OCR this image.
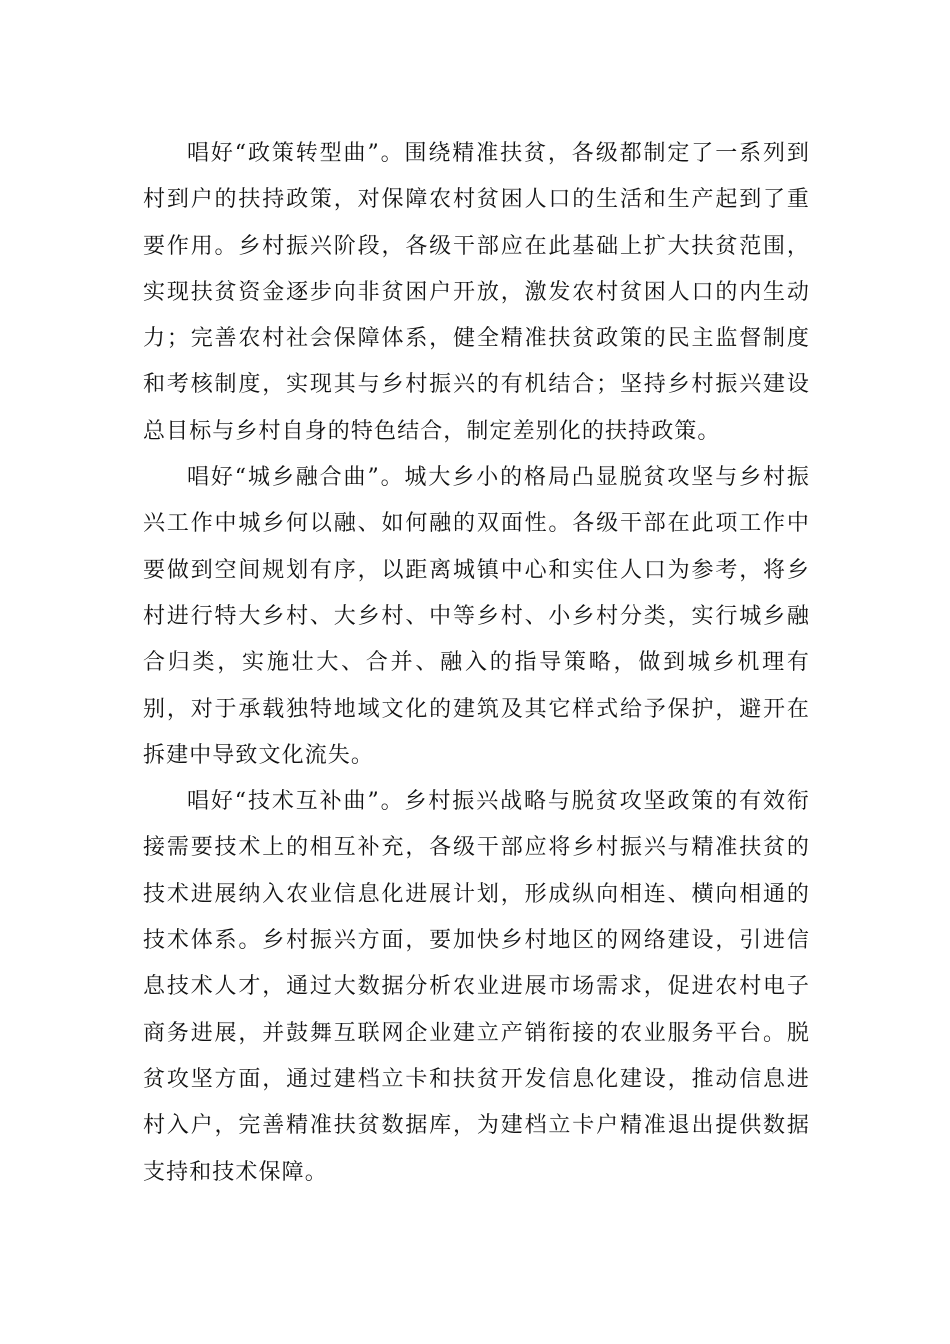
唱好“政策转型曲”。围绕精准扶贫，各级都制定了一系列到村到户的扶持政策，对保障农村贫困人口的生活和生产起到了重要作用。乡村振兴阶段，各级干部应在此基础上扩大扶贫范围，实现扶贫资金逐步向非贫困户开放，激发农村贫困人口的内生动力；完善农村社会保障体系，健全精准扶贫政策的民主监督制度和考核制度，实现其与乡村振兴的有机结合；坚持乡村振兴建设总目标与乡村自身的特色结合，制定差别化的扶持政策。

唱好“城乡融合曲”。城大乡小的格局凸显脱贫攻坚与乡村振兴工作中城乡何以融、如何融的双面性。各级干部在此项工作中要做到空间规划有序，以距离城镇中心和实住人口为参考，将乡村进行特大乡村、大乡村、中等乡村、小乡村分类，实行城乡融合归类，实施壮大、合并、融入的指导策略，做到城乡机理有别，对于承载独特地域文化的建筑及其它样式给予保护，避开在拆建中导致文化流失。

唱好“技术互补曲”。乡村振兴战略与脱贫攻坚政策的有效衔接需要技术上的相互补充，各级干部应将乡村振兴与精准扶贫的技术进展纳入农业信息化进展计划，形成纵向相连、横向相通的技术体系。乡村振兴方面，要加快乡村地区的网络建设，引进信息技术人才，通过大数据分析农业进展市场需求，促进农村电子商务进展，并鼓舞互联网企业建立产销衔接的农业服务平台。脱贫攻坚方面，通过建档立卡和扶贫开发信息化建设，推动信息进村入户，完善精准扶贫数据库，为建档立卡户精准退出提供数据支持和技术保障。
